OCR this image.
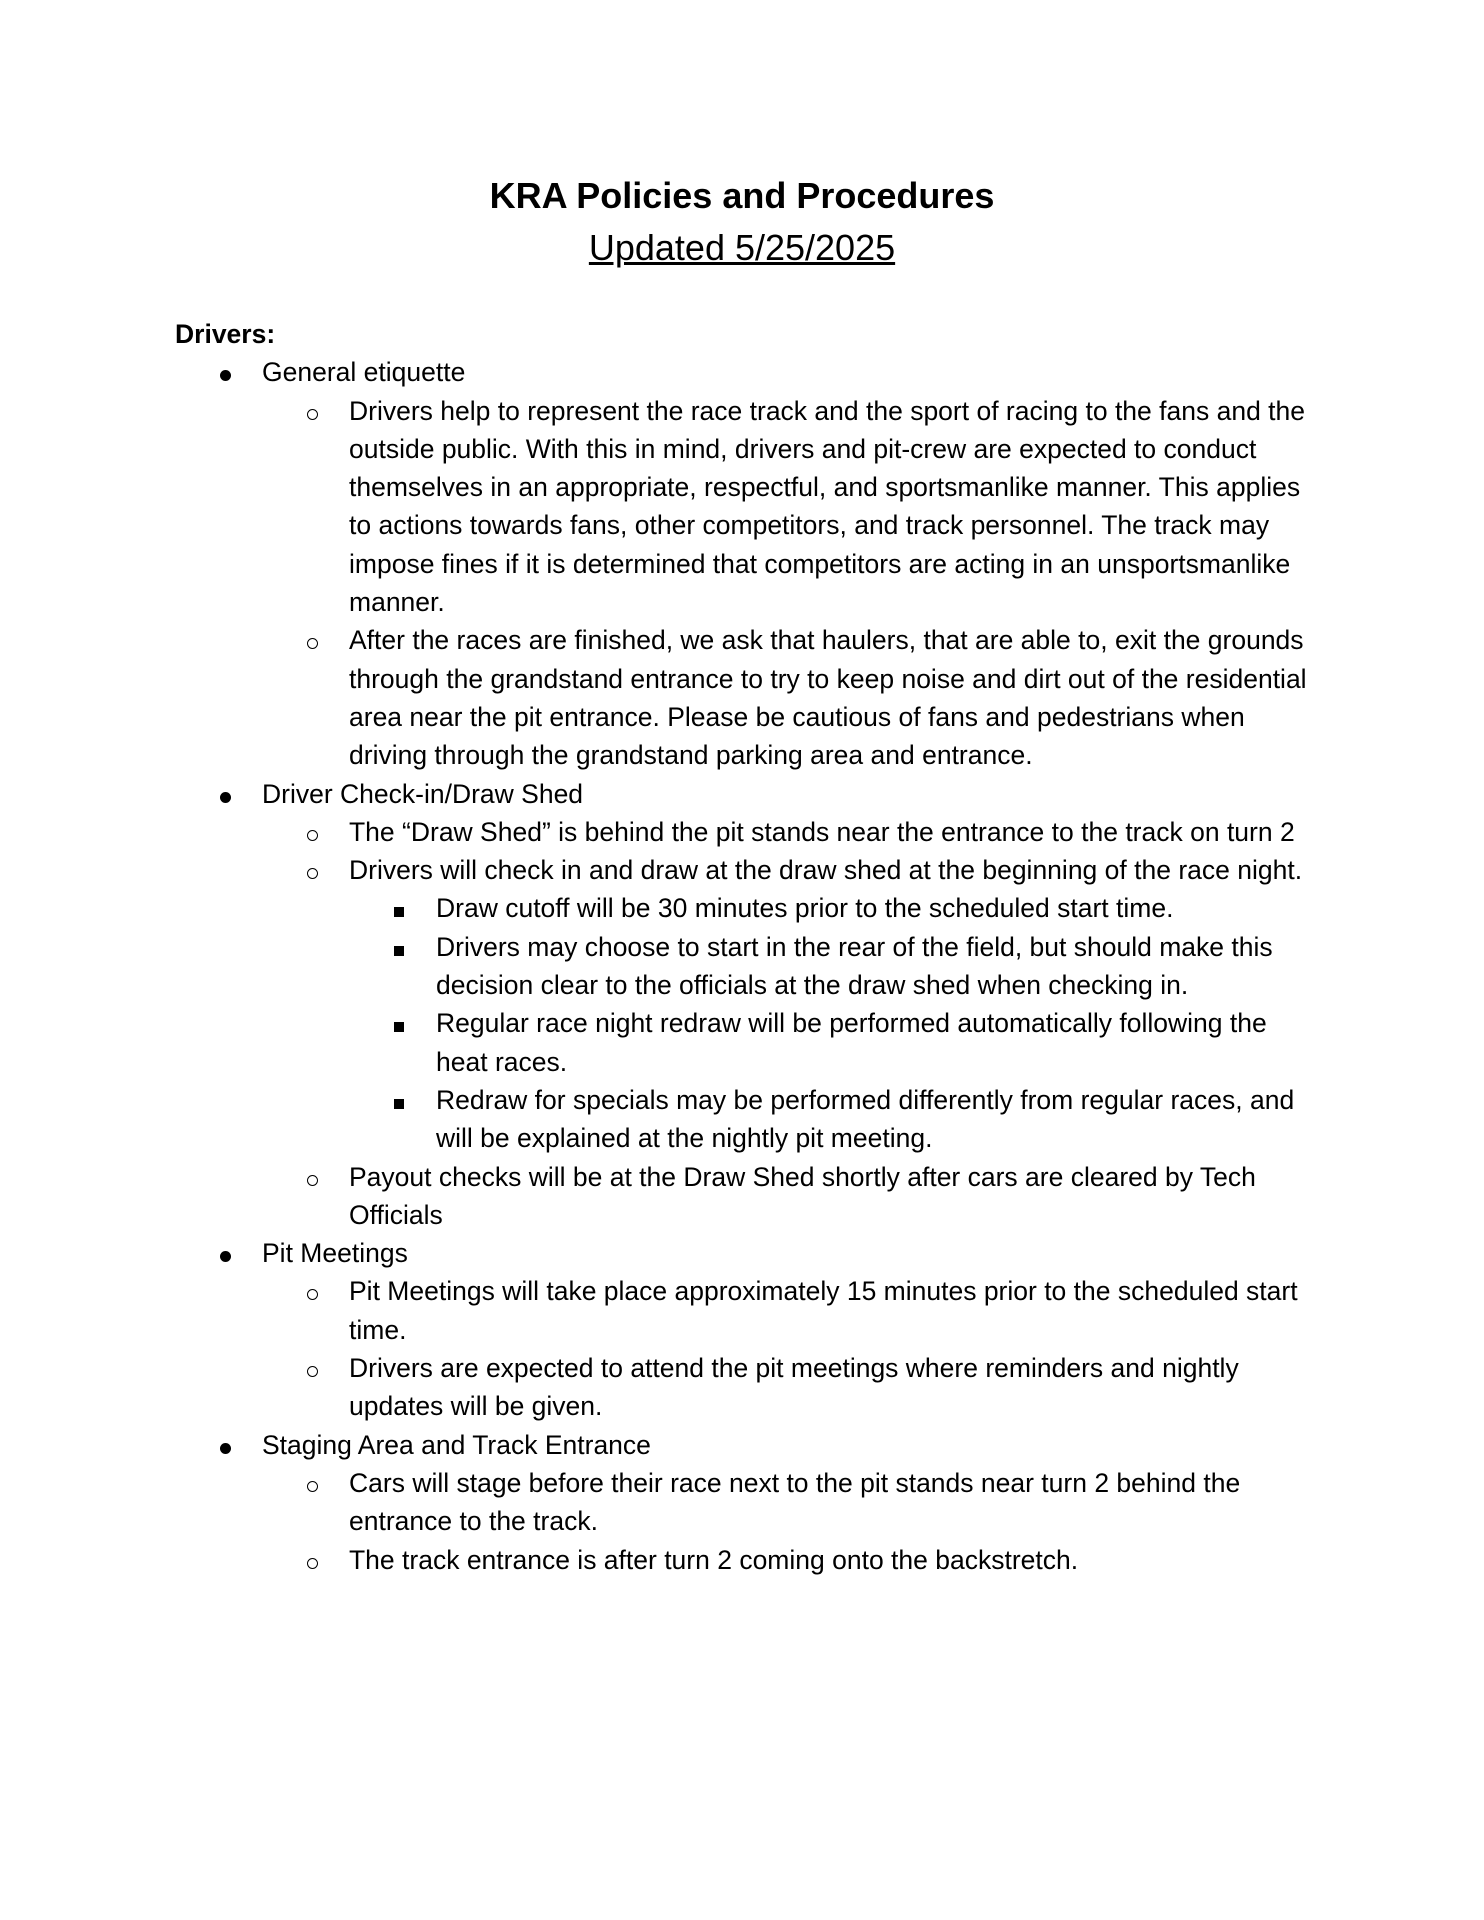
KRA Policies and Procedures
Updated 5/25/2025
Drivers:
General etiquette
Drivers help to represent the race track and the sport of racing to the fans and the outside public. With this in mind, drivers and pit-crew are expected to conduct themselves in an appropriate, respectful, and sportsmanlike manner. This applies to actions towards fans, other competitors, and track personnel. The track may impose fines if it is determined that competitors are acting in an unsportsmanlike manner.
After the races are finished, we ask that haulers, that are able to, exit the grounds through the grandstand entrance to try to keep noise and dirt out of the residential area near the pit entrance. Please be cautious of fans and pedestrians when driving through the grandstand parking area and entrance.
Driver Check-in/Draw Shed
The “Draw Shed” is behind the pit stands near the entrance to the track on turn 2
Drivers will check in and draw at the draw shed at the beginning of the race night.
Draw cutoff will be 30 minutes prior to the scheduled start time.
Drivers may choose to start in the rear of the field, but should make this decision clear to the officials at the draw shed when checking in.
Regular race night redraw will be performed automatically following the heat races.
Redraw for specials may be performed differently from regular races, and will be explained at the nightly pit meeting.
Payout checks will be at the Draw Shed shortly after cars are cleared by Tech Officials
Pit Meetings
Pit Meetings will take place approximately 15 minutes prior to the scheduled start time.
Drivers are expected to attend the pit meetings where reminders and nightly updates will be given.
Staging Area and Track Entrance
Cars will stage before their race next to the pit stands near turn 2 behind the entrance to the track.
The track entrance is after turn 2 coming onto the backstretch.
